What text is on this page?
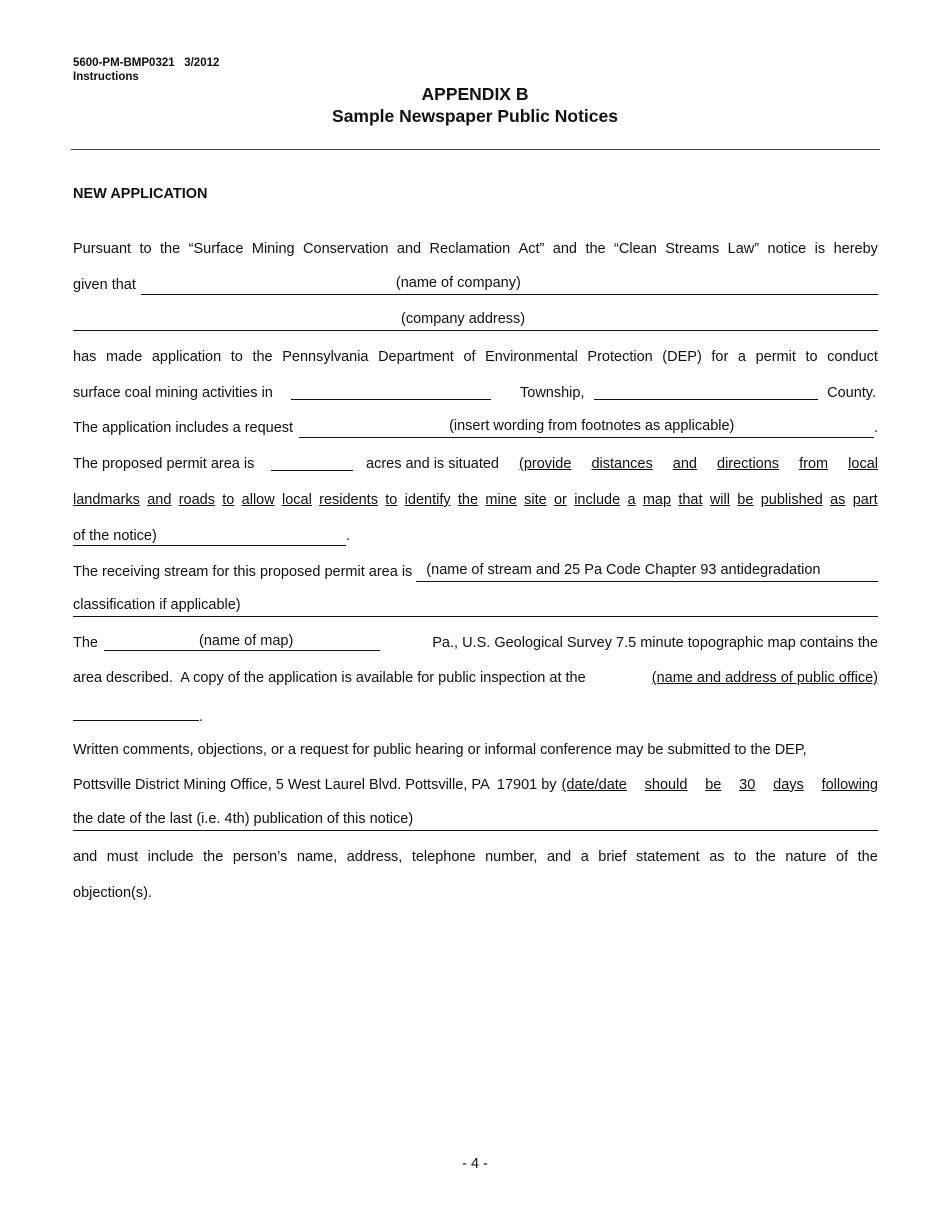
5600-PM-BMP0321   3/2012
Instructions
APPENDIX B
Sample Newspaper Public Notices
NEW APPLICATION
Pursuant to the “Surface Mining Conservation and Reclamation Act” and the “Clean Streams Law” notice is hereby
given that	(name of company)
(company address)
has made application to the Pennsylvania Department of Environmental Protection (DEP) for a permit to conduct
surface coal mining activities in	Township,	County.
The application includes a request	(insert wording from footnotes as applicable)	.
The proposed permit area is	acres and is situated (provide distances and directions from local
landmarks and roads to allow local residents to identify the mine site or include a map that will be published as part
of the notice)	.
The receiving stream for this proposed permit area is (name of stream and 25 Pa Code Chapter 93 antidegradation
classification if applicable)
The	(name of map)	Pa., U.S. Geological Survey 7.5 minute topographic map contains the
area described.  A copy of the application is available for public inspection at the	(name and address of public office)
.
Written comments, objections, or a request for public hearing or informal conference may be submitted to the DEP,
Pottsville District Mining Office, 5 West Laurel Blvd. Pottsville, PA  17901 by (date/date should be 30 days following
the date of the last (i.e. 4th) publication of this notice)
and must include the person’s name, address, telephone number, and a brief statement as to the nature of the
objection(s).
- 4 -
